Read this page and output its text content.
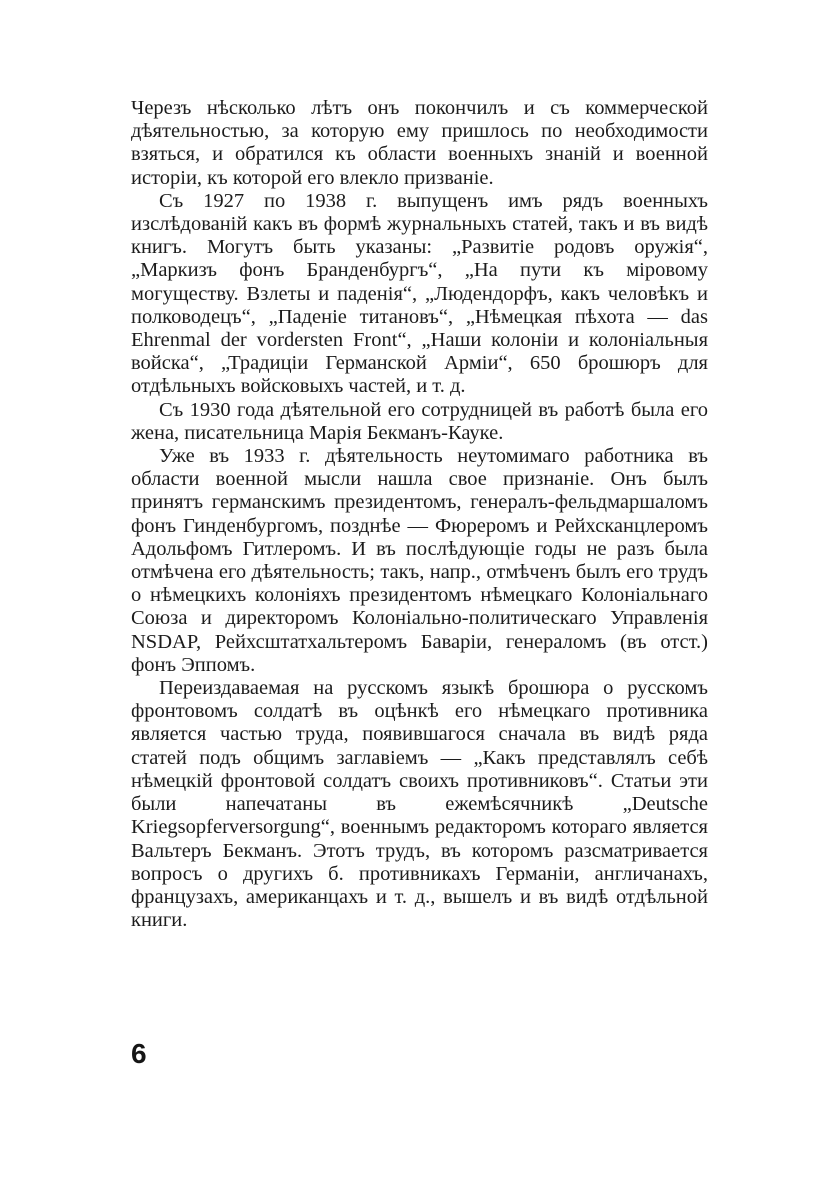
Черезъ нѣсколько лѣтъ онъ покончилъ и съ коммерческой дѣятельностью, за которую ему пришлось по необходимости взяться, и обратился къ области военныхъ знанiй и военной исторiи, къ которой его влекло призванie.

Съ 1927 по 1938 г. выпущенъ имъ рядъ военныхъ изслѣдованiй какъ въ формѣ журнальныхъ статей, такъ и въ видѣ книгъ. Могутъ быть указаны: „Развитiе родовъ оружiя“, „Маркизъ фонъ Бранденбургъ“, „На пути къ мiровому могуществу. Взлеты и паденiя“, „Людендорфъ, какъ человѣкъ и полководецъ“, „Паденiе титановъ“, „Нѣмецкая пѣхота — das Ehrenmal der vordersten Front“, „Наши колонiи и колонiальныя войска“, „Традицiи Германской Армiи“, 650 брошюръ для отдѣльныхъ войсковыхъ частей, и т. д.

Съ 1930 года дѣятельной его сотрудницей въ работѣ была его жена, писательница Марiя Бекманъ-Кауке.

Уже въ 1933 г. дѣятельность неутомимаго работника въ области военной мысли нашла свое признанiе. Онъ былъ принятъ германскимъ президентомъ, генералъ-фельдмаршаломъ фонъ Гинденбургомъ, позднѣе — Фюреромъ и Рейхсканцлеромъ Адольфомъ Гитлеромъ. И въ послѣдующiе годы не разъ была отмѣчена его дѣятельность; такъ, напр., отмѣченъ былъ его трудъ о нѣмецкихъ колонiяхъ президентомъ нѣмецкаго Колонiальнаго Союза и директоромъ Колонiально-политическаго Управленiя NSDAP, Рейхсштатхальтеромъ Баварiи, генераломъ (въ отст.) фонъ Эппомъ.

Переиздаваемая на русскомъ языкѣ брошюра о русскомъ фронтовомъ солдатѣ въ оцѣнкѣ его нѣмецкаго противника является частью труда, появившагося сначала въ видѣ ряда статей подъ общимъ заглавiемъ — „Какъ представлялъ себѣ нѣмецкiй фронтовой солдатъ своихъ противниковъ“. Статьи эти были напечатаны въ ежемѣсячникѣ „Deutsche Kriegsopferversorgung“, военнымъ редакторомъ котораго является Вальтеръ Бекманъ. Этотъ трудъ, въ которомъ разсматривается вопросъ о другихъ б. противникахъ Германiи, англичанахъ, французахъ, американцахъ и т. д., вышелъ и въ видѣ отдѣльной книги.

6
